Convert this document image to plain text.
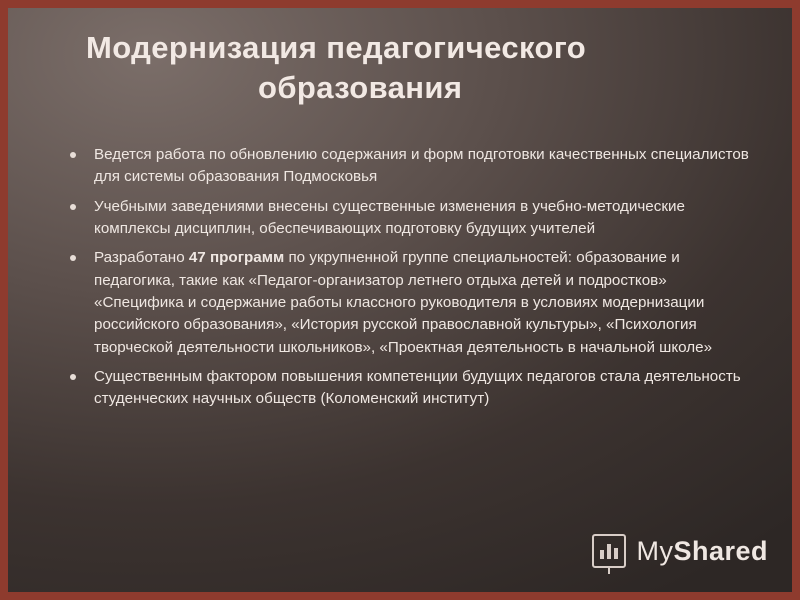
Модернизация педагогического
образования
Ведется работа по обновлению содержания и форм подготовки качественных специалистов для системы образования Подмосковья
Учебными заведениями внесены существенные изменения в учебно-методические комплексы дисциплин, обеспечивающих подготовку будущих учителей
Разработано 47 программ по укрупненной группе специальностей: образование и педагогика, такие как «Педагог-организатор летнего отдыха детей и подростков» «Специфика и содержание работы классного руководителя в условиях модернизации российского образования», «История русской православной культуры», «Психология творческой деятельности школьников», «Проектная деятельность в начальной школе»
Существенным фактором повышения компетенции будущих педагогов стала деятельность студенческих научных обществ (Коломенский институт)
MyShared
